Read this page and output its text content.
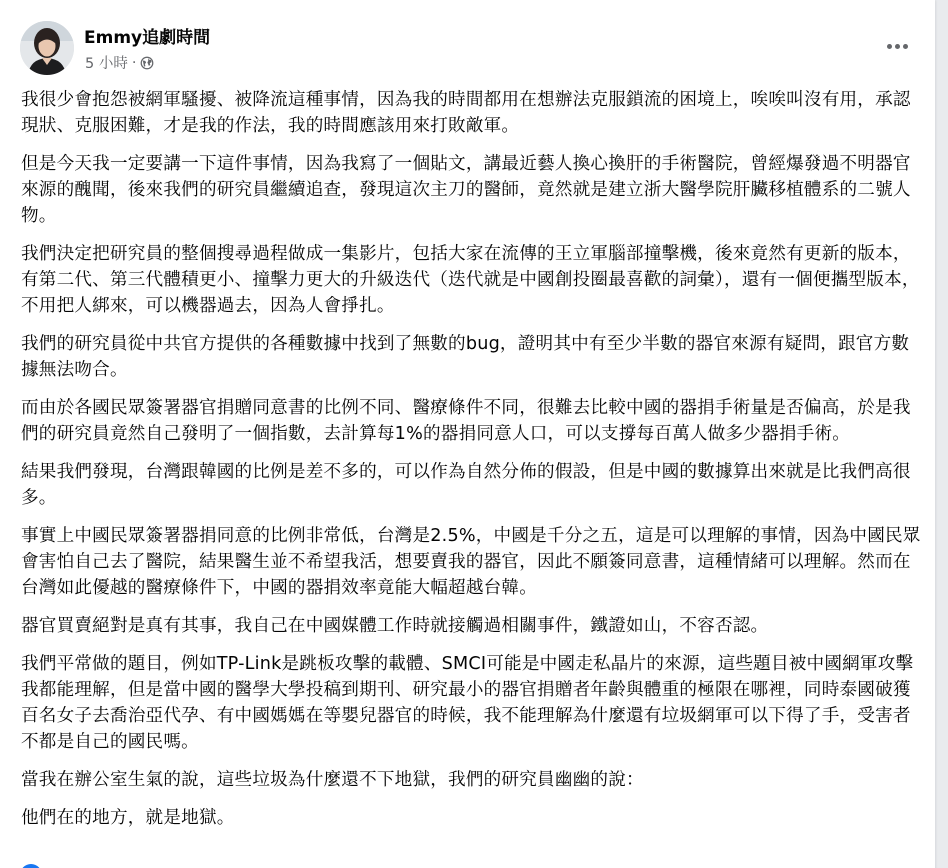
Emmy追劇時間
5 小時 ·

我很少會抱怨被網軍騷擾、被降流這種事情，因為我的時間都用在想辦法克服鎖流的困境上，唉唉叫沒有用，承認現狀、克服困難，才是我的作法，我的時間應該用來打敗敵軍。

但是今天我一定要講一下這件事情，因為我寫了一個貼文，講最近藝人換心換肝的手術醫院，曾經爆發過不明器官來源的醜聞，後來我們的研究員繼續追查，發現這次主刀的醫師，竟然就是建立浙大醫學院肝臟移植體系的二號人物。

我們決定把研究員的整個搜尋過程做成一集影片，包括大家在流傳的王立軍腦部撞擊機，後來竟然有更新的版本，有第二代、第三代體積更小、撞擊力更大的升級迭代（迭代就是中國創投圈最喜歡的詞彙），還有一個便攜型版本，不用把人綁來，可以機器過去，因為人會掙扎。

我們的研究員從中共官方提供的各種數據中找到了無數的bug，證明其中有至少半數的器官來源有疑問，跟官方數據無法吻合。

而由於各國民眾簽署器官捐贈同意書的比例不同、醫療條件不同，很難去比較中國的器捐手術量是否偏高，於是我們的研究員竟然自己發明了一個指數，去計算每1%的器捐同意人口，可以支撐每百萬人做多少器捐手術。

結果我們發現，台灣跟韓國的比例是差不多的，可以作為自然分佈的假設，但是中國的數據算出來就是比我們高很多。

事實上中國民眾簽署器捐同意的比例非常低，台灣是2.5%，中國是千分之五，這是可以理解的事情，因為中國民眾會害怕自己去了醫院，結果醫生並不希望我活，想要賣我的器官，因此不願簽同意書，這種情緒可以理解。然而在台灣如此優越的醫療條件下，中國的器捐效率竟能大幅超越台韓。

器官買賣絕對是真有其事，我自己在中國媒體工作時就接觸過相關事件，鐵證如山，不容否認。

我們平常做的題目，例如TP-Link是跳板攻擊的載體、SMCI可能是中國走私晶片的來源，這些題目被中國網軍攻擊我都能理解，但是當中國的醫學大學投稿到期刊、研究最小的器官捐贈者年齡與體重的極限在哪裡，同時泰國破獲百名女子去喬治亞代孕、有中國媽媽在等嬰兒器官的時候，我不能理解為什麼還有垃圾網軍可以下得了手，受害者不都是自己的國民嗎。

當我在辦公室生氣的說，這些垃圾為什麼還不下地獄，我們的研究員幽幽的說：

他們在的地方，就是地獄。
